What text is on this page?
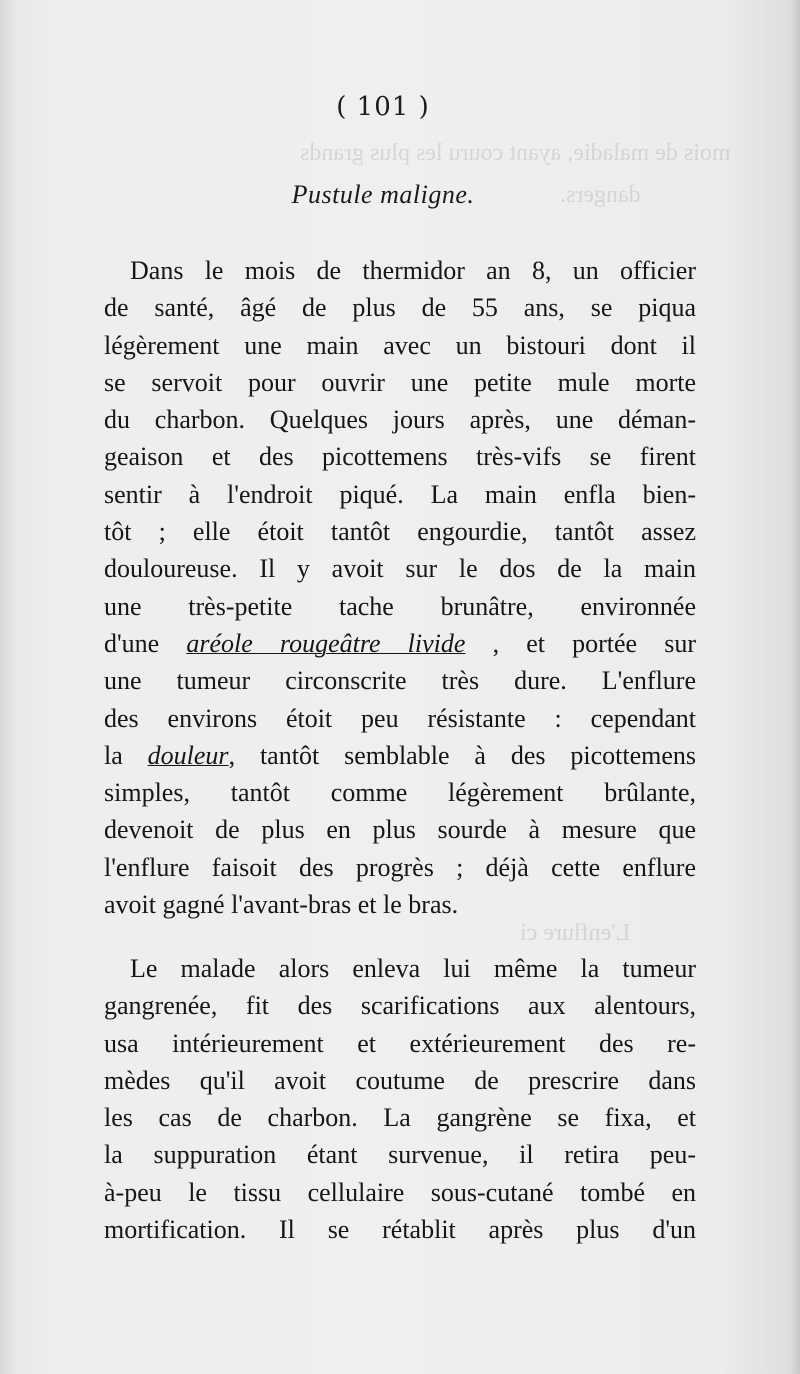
mois de maladie, ayant couru les plus grands
dangers.
L'enflure ci
( 101 )
Pustule maligne.
Dans le mois de thermidor an 8, un officier
de santé, âgé de plus de 55 ans, se piqua
légèrement une main avec un bistouri dont il
se servoit pour ouvrir une petite mule morte
du charbon. Quelques jours après, une déman-
geaison et des picottemens très-vifs se firent
sentir à l'endroit piqué. La main enfla bien-
tôt ; elle étoit tantôt engourdie, tantôt assez
douloureuse. Il y avoit sur le dos de la main
une très-petite tache brunâtre, environnée
d'une aréole rougeâtre livide , et portée sur
une tumeur circonscrite très dure. L'enflure
des environs étoit peu résistante : cependant
la douleur, tantôt semblable à des picottemens
simples, tantôt comme légèrement brûlante,
devenoit de plus en plus sourde à mesure que
l'enflure faisoit des progrès ; déjà cette enflure
avoit gagné l'avant-bras et le bras.
Le malade alors enleva lui même la tumeur
gangrenée, fit des scarifications aux alentours,
usa intérieurement et extérieurement des re-
mèdes qu'il avoit coutume de prescrire dans
les cas de charbon. La gangrène se fixa, et
la suppuration étant survenue, il retira peu-
à-peu le tissu cellulaire sous-cutané tombé en
mortification. Il se rétablit après plus d'un
